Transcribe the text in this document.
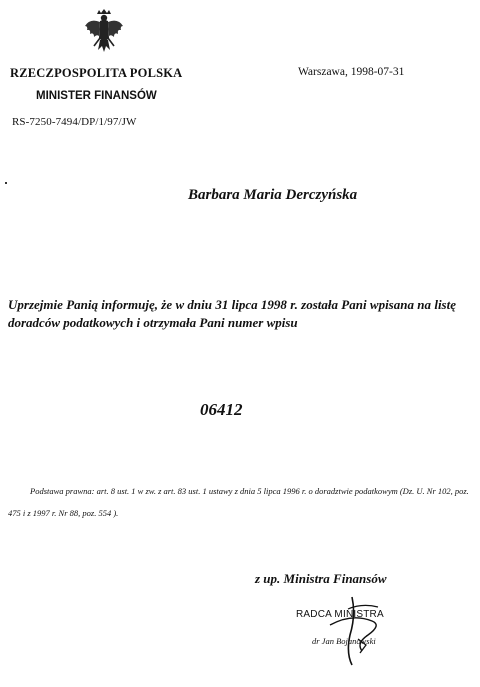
RZECZPOSPOLITA POLSKA
MINISTER FINANSÓW
RS-7250-7494/DP/1/97/JW
Warszawa, 1998-07-31
Barbara Maria Derczyńska
Uprzejmie Panią informuję, że w dniu 31 lipca 1998 r. została Pani wpisana na listę doradców podatkowych i otrzymała Pani numer wpisu
06412
Podstawa prawna: art. 8 ust. 1 w zw. z art. 83 ust. 1 ustawy z dnia 5 lipca 1996 r. o doradztwie podatkowym (Dz. U. Nr 102, poz. 475 i z 1997 r. Nr 88, poz. 554 ).
z up. Ministra Finansów
RADCA MINISTRA
dr Jan Bojanowski
